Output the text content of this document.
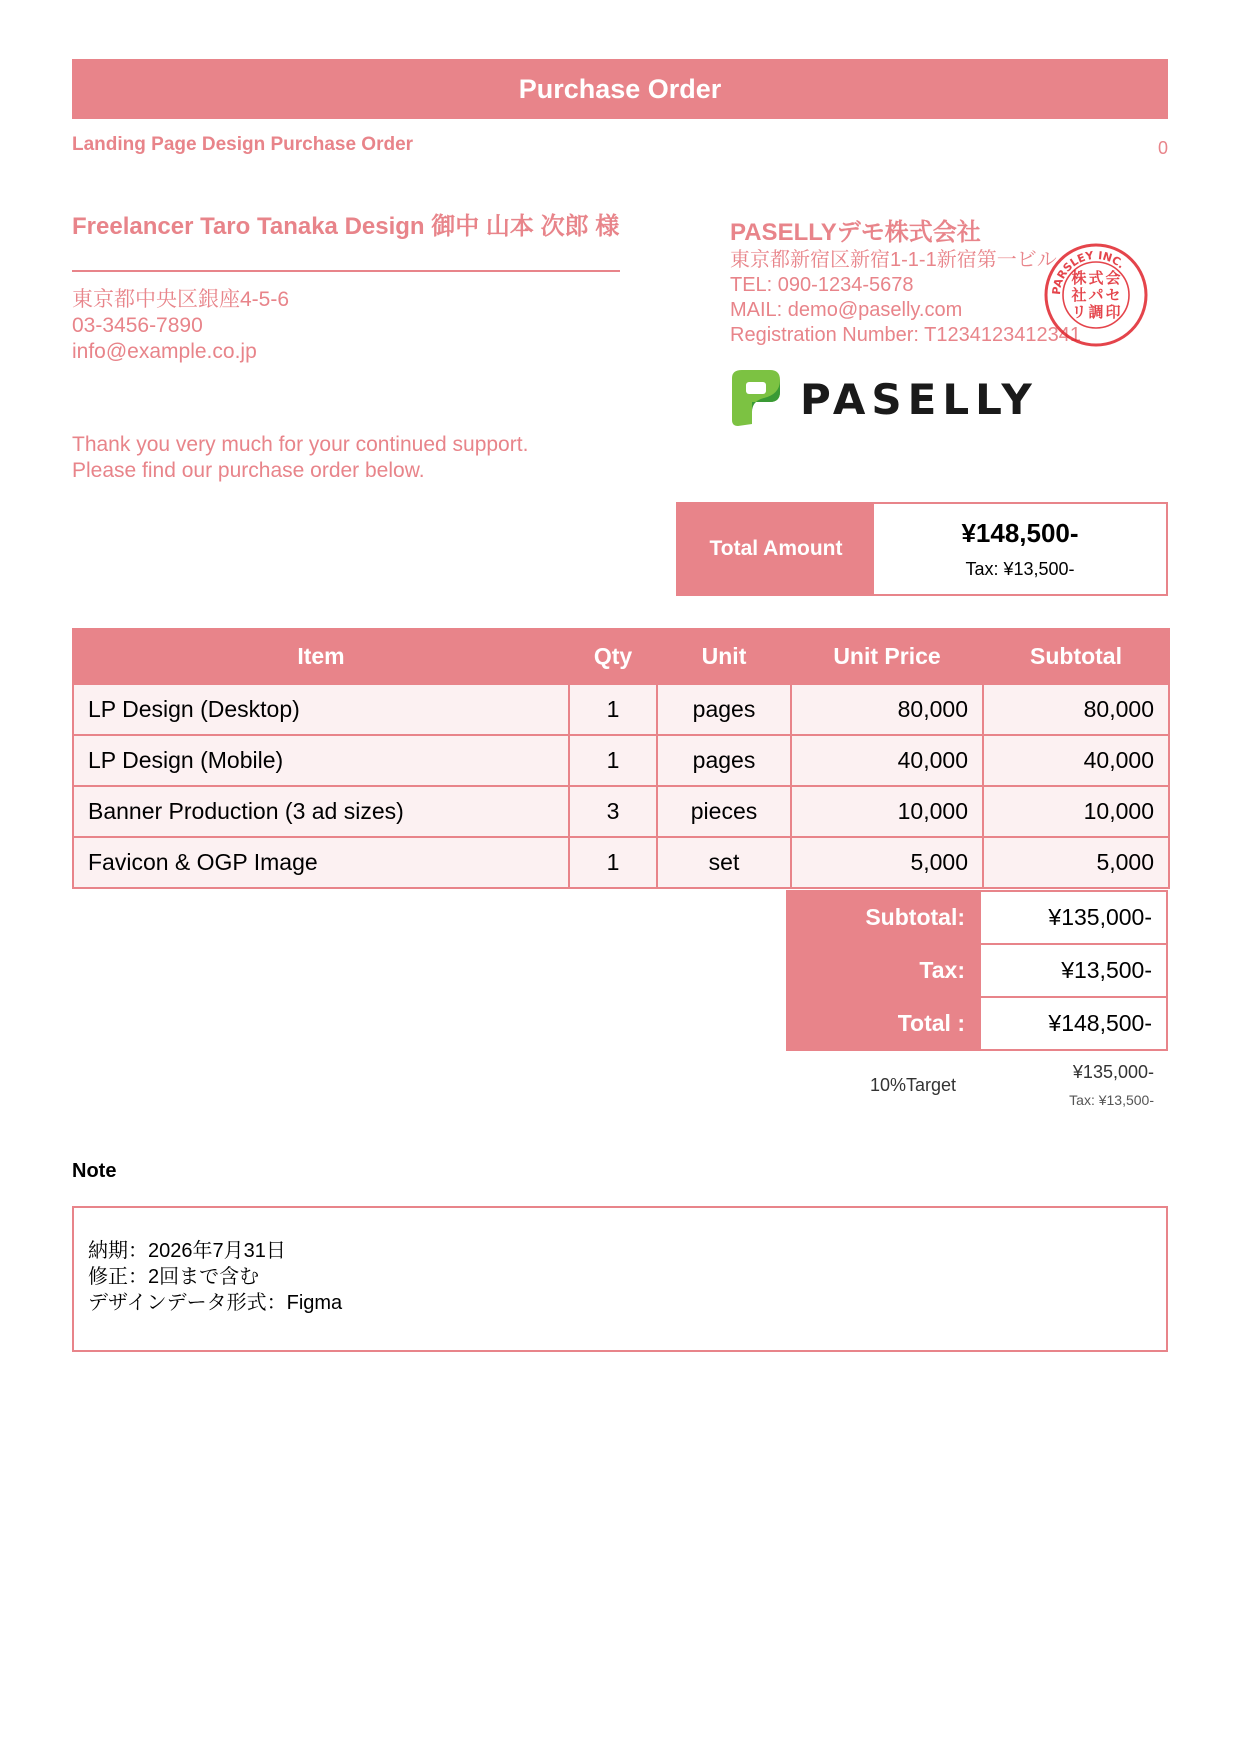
Purchase Order
Landing Page Design Purchase Order	0
Freelancer Taro Tanaka Design 御中 山本 次郎 様
東京都中央区銀座4-5-6
03-3456-7890
info@example.co.jp
Thank you very much for your continued support.
Please find our purchase order below.
PASELLYデモ株式会社
東京都新宿区新宿1-1-1新宿第一ビル
TEL: 090-1234-5678
MAIL: demo@paselly.com
Registration Number: T1234123412341
PARSLEY INC.
株 式 会
社 パ セ
リ 調 印
PASELLY
Total Amount
¥148,500-
Tax: ¥13,500-
Item	Qty	Unit	Unit Price	Subtotal
LP Design (Desktop)	1	pages	80,000	80,000
LP Design (Mobile)	1	pages	40,000	40,000
Banner Production (3 ad sizes)	3	pieces	10,000	10,000
Favicon & OGP Image	1	set	5,000	5,000
Subtotal:	¥135,000-
Tax:	¥13,500-
Total :	¥148,500-
10%Target
¥135,000-
Tax: ¥13,500-
Note
納期：2026年7月31日
修正：2回まで含む
デザインデータ形式：Figma
